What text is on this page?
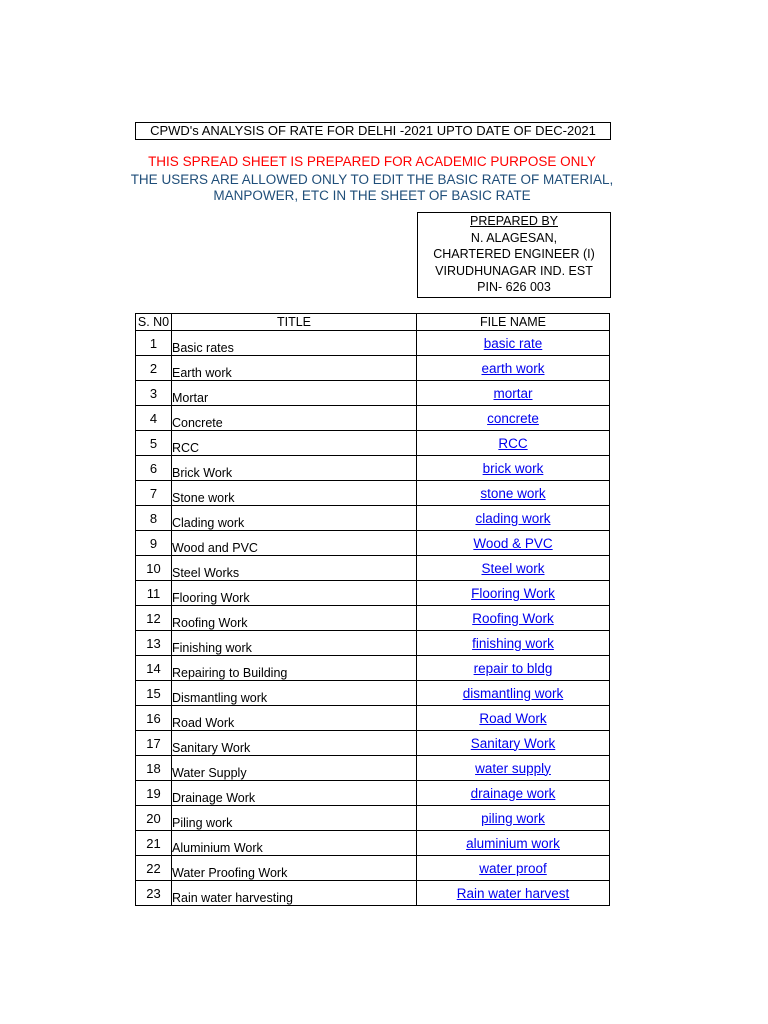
CPWD's ANALYSIS OF RATE FOR DELHI -2021 UPTO DATE OF DEC-2021
THIS SPREAD SHEET IS PREPARED FOR ACADEMIC PURPOSE ONLY
THE USERS ARE ALLOWED ONLY TO EDIT THE BASIC RATE OF MATERIAL,
MANPOWER, ETC IN THE SHEET OF BASIC RATE
PREPARED BY
N. ALAGESAN,
CHARTERED ENGINEER (I)
VIRUDHUNAGAR IND. EST
PIN- 626 003
S. N0	TITLE	FILE NAME
1	Basic rates	basic rate
2	Earth work	earth work
3	Mortar	mortar
4	Concrete	concrete
5	RCC	RCC
6	Brick Work	brick work
7	Stone work	stone work
8	Clading work	clading work
9	Wood and PVC	Wood & PVC
10	Steel Works	Steel work
11	Flooring Work	Flooring Work
12	Roofing Work	Roofing Work
13	Finishing work	finishing work
14	Repairing to Building	repair to bldg
15	Dismantling work	dismantling work
16	Road Work	Road Work
17	Sanitary Work	Sanitary Work
18	Water Supply	water supply
19	Drainage Work	drainage work
20	Piling work	piling work
21	Aluminium Work	aluminium work
22	Water Proofing Work	water proof
23	Rain water harvesting	Rain water harvest
